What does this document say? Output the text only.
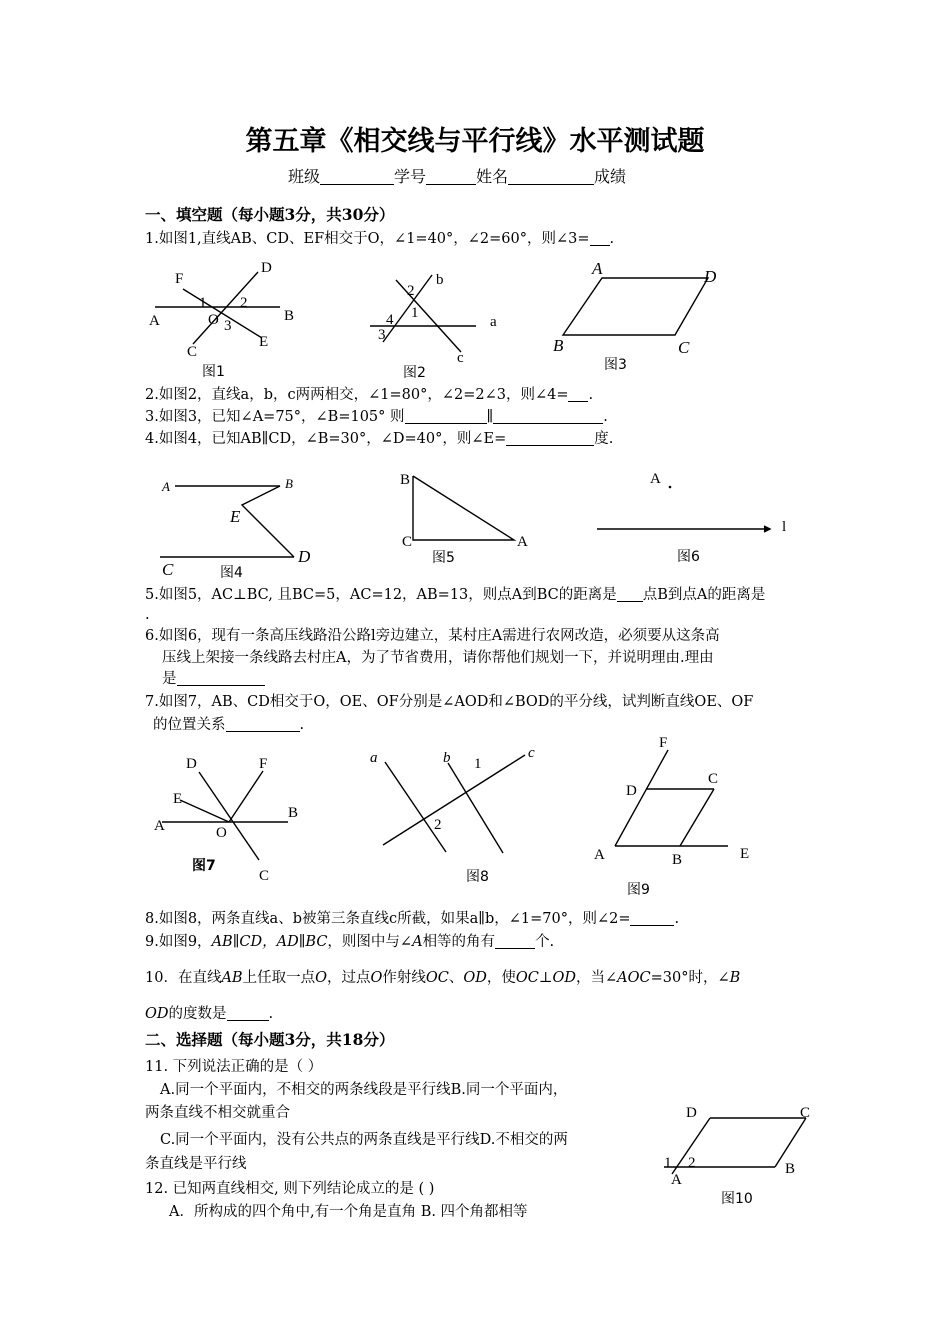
第五章《相交线与平行线》水平测试题
班级	学号	姓名	成绩
一、填空题（每小题3分，共30分）
1.如图1,直线AB、CD、EF相交于O，∠1=40°，∠2=60°，则∠3= .
F
D
1 2
A	O 3
B
C
E
图1
b
2
1
4	a
3
c
图2
A	D
B	C
图3
2.如图2，直线a，b，c两两相交，∠1=80°，∠2=2∠3，则∠4= .
3.如图3，已知∠A=75°，∠B=105° 则	∥	.
4.如图4，已知AB∥CD，∠B=30°，∠D=40°，则∠E=	度.
A	B
E
C
D
图4
B
C	A
图5
A
l
图6
5.如图5，AC⊥BC, 且BC=5，AC=12，AB=13，则点A到BC的距离是 点B到点A的距离是
.
6.如图6，现有一条高压线路沿公路l旁边建立，某村庄A需进行农网改造，必须要从这条高
压线上架接一条线路去村庄A，为了节省费用，请你帮他们规划一下，并说明理由.理由
是
7.如图7，AB、CD相交于O，OE、OF分别是∠AOD和∠BOD的平分线，试判断直线OE、OF
的位置关系	.
D	F
E
A	O
B
C
图7
a	b 1
c
2
图8
F
D
C
A	B	E
图9
8.如图8，两条直线a、b被第三条直线c所截，如果a∥b，∠1=70°，则∠2=	.
9.如图9，AB∥CD，AD∥BC，则图中与∠A相等的角有	个.
10．在直线AB上任取一点O，过点O作射线OC、OD，使OC⊥OD，当∠AOC=30°时，∠B
OD的度数是	.
二、选择题（每小题3分，共18分）
11. 下列说法正确的是（ ）
A.同一个平面内，不相交的两条线段是平行线B.同一个平面内，
两条直线不相交就重合
C.同一个平面内，没有公共点的两条直线是平行线D.不相交的两
条直线是平行线
12. 已知两直线相交, 则下列结论成立的是 ( )
A．所构成的四个角中,有一个角是直角 B. 四个角都相等
D	C
1 2
A
B
图10
